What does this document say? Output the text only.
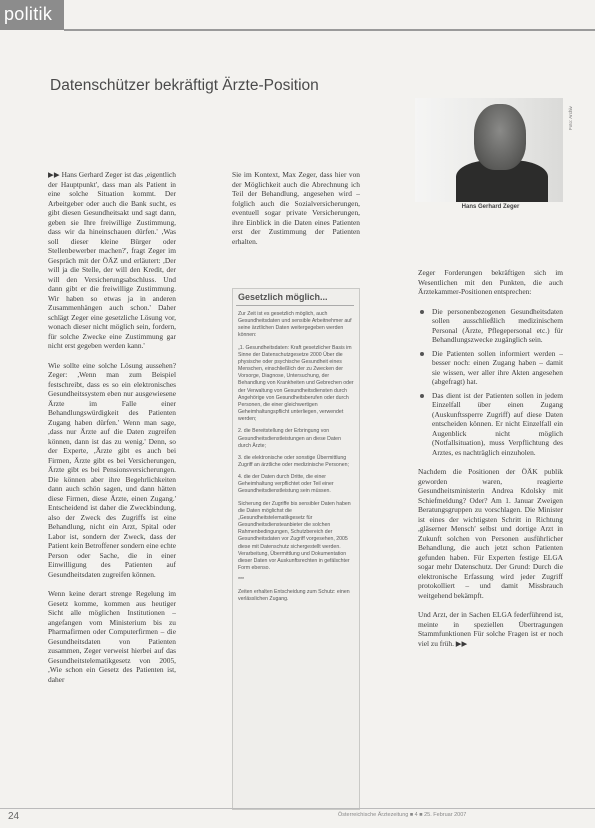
politik
Datenschützer bekräftigt Ärzte-Position

▶▶ Hans Gerhard Zeger ist das ,eigentlich der Hauptpunkt', dass man als Patient in eine solche Situation kommt. Der Arbeitgeber oder auch die Bank sucht, es gibt diesen Gesundheitsakt und sagt dann, geben sie Ihre freiwillige Zustimmung, dass wir da hineinschauen dürfen.' ,Was soll dieser kleine Bürger oder Stellenbewerber machen?', fragt Zeger im Gespräch mit der ÖÄZ und erläutert: ,Der will ja die Stelle, der will den Kredit, der will den Versicherungsabschluss. Und dann gibt er die freiwillige Zustimmung. Wir haben so etwas ja in anderen Zusammenhängen auch schon.' Daher schlägt Zeger eine gesetzliche Lösung vor, wonach dieser nicht möglich sein, fordern, für solche Zwecke eine Zustimmung gar nicht erst gegeben werden kann.'

Wie sollte eine solche Lösung aussehen? Zeger: ,Wenn man zum Beispiel festschreibt, dass es so ein elektronisches Gesundheitssystem eben nur ausgewiesene Ärzte im Falle einer Behandlungswürdigkeit des Patienten Zugang haben dürfen.' Wenn man sage, ,dass nur Ärzte auf die Daten zugreifen können, dann ist das zu wenig.' Denn, so der Experte, ,Ärzte gibt es auch bei Firmen, Ärzte gibt es bei Versicherungen, Ärzte gibt es bei Pensionsversicherungen. Die können aber ihre Begehrlichkeiten dann auch schön sagen, und dann hätten diese Firmen, diese Ärzte, einen Zugang.' Entscheidend ist daher die Zweckbindung, also der Zweck des Zugriffs ist eine Behandlung, nicht ein Arzt, Spital oder Labor ist, sondern der Zweck, dass der Patient kein Betroffener sondern eine echte Person oder Sache, die in einer Einwilligung des Patienten auf Gesundheitsdaten zugreifen können.

Wenn keine derart strenge Regelung im Gesetz komme, kommen aus heutiger Sicht alle möglichen Institutionen – angefangen vom Ministerium bis zu Pharmafirmen oder Computerfirmen – die Gesundheitsdaten von Patienten zusammen, Zeger verweist hierbei auf das Gesundheitstelematikgesetz von 2005, ,Wie schon ein Gesetz des Patienten ist, daher

Sie im Kontext, Max Zeger, dass hier von der Möglichkeit auch die Abrechnung ich Teil der Behandlung, angesehen wird – folglich auch die Sozialversicherungen, eventuell sogar private Versicherungen, ihre Einblick in die Daten eines Patienten erst der Zustimmung der Patienten erhalten.

Foto: Archiv
Hans Gerhard Zeger
Gesetzlich möglich...

Zur Zeit ist es gesetzlich möglich, auch Gesundheitsdaten und sensible Arbeitnehmer auf seine ärztlichen Daten weitergegeben werden können:

„1. Gesundheitsdaten: Kraft gesetzlicher Basis im Sinne der Datenschutzgesetze 2000 Über die physische oder psychische Gesundheit eines Menschen, einschließlich der zu Zwecken der Vorsorge, Diagnose, Untersuchung, der Behandlung von Krankheiten und Gebrechen oder der Verwaltung von Gesundheitsdiensten durch Angehörige von Gesundheitsberufen oder durch Personen, die einer gleichwertigen Geheimhaltungspflicht unterliegen, verwendet werden;

2. die Bereitstellung der Erbringung von Gesundheitsdienstleistungen an diese Daten durch Ärzte;

3. die elektronische oder sonstige Übermittlung Zugriff an ärztliche oder medizinische Personen;

4. die der Daten durch Dritte, die einer Geheimhaltung verpflichtet oder Teil einer Gesundheitsdienstleistung sein müssen.

Sicherung der Zugriffe bis sensibler Daten haben die Daten möglichst die „Gesundheitstelematikgesetz für Gesundheitsdiensteanbieter die solchen Rahmenbedingungen, Schutzbereich der Gesundheitsdaten vor Zugriff vorgesehen, 2005 diese mit Datenschutz sichergestellt werden. Verarbeitung, Übermittlung und Dokumentation dieser Daten vor Auskunftsrechten in gefälschter Form ebenso.

***

Zeiten erhalten Entscheidung zum Schutz: einen verlässlichen Zugang.

Zeger Forderungen bekräftigen sich im Wesentlichen mit den Punkten, die auch Ärztekammer-Positionen entsprechen:

Die personenbezogenen Gesundheitsdaten sollen ausschließlich medizinischem Personal (Ärzte, Pflegepersonal etc.) für Behandlungszwecke zugänglich sein.
Die Patienten sollen informiert werden – besser noch: einen Zugang haben – damit sie wissen, wer aller ihre Akten angesehen (abgefragt) hat.
Das dient ist der Patienten sollen in jedem Einzelfall über einen Zugang (Auskunftssperre Zugriff) auf diese Daten entscheiden können. Er nicht Einzelfall ein Augenblick nicht möglich (Notfallsituation), muss Verpflichtung des Arztes, es nachträglich einzuholen.

Nachdem die Positionen der ÖÄK publik geworden waren, reagierte Gesundheitsministerin Andrea Kdolsky mit Schiefmeldung? Oder? Am 1. Januar Zweigen Beratungsgruppen zu vorschlagen. Die Minister ist eines der wichtigsten Schritt in Richtung ,gläserner Mensch' selbst und dortige Arzt in Zukunft solchen von Personen ausführlicher Behandlung, die auch jetzt schon Patienten gefunden haben. Für Experten festige ELGA sogar mehr Datenschutz. Der Grund: Durch die elektronische Erfassung wird jeder Zugriff protokolliert – und damit Missbrauch weitgehend bekämpft.

Und Arzt, der in Sachen ELGA federführend ist, meinte in speziellen Übertragungen Stammfunktionen Für solche Fragen ist er noch viel zu früh. ▶▶

24	Österreichische Ärztezeitung ■ 4 ■ 25. Februar 2007
